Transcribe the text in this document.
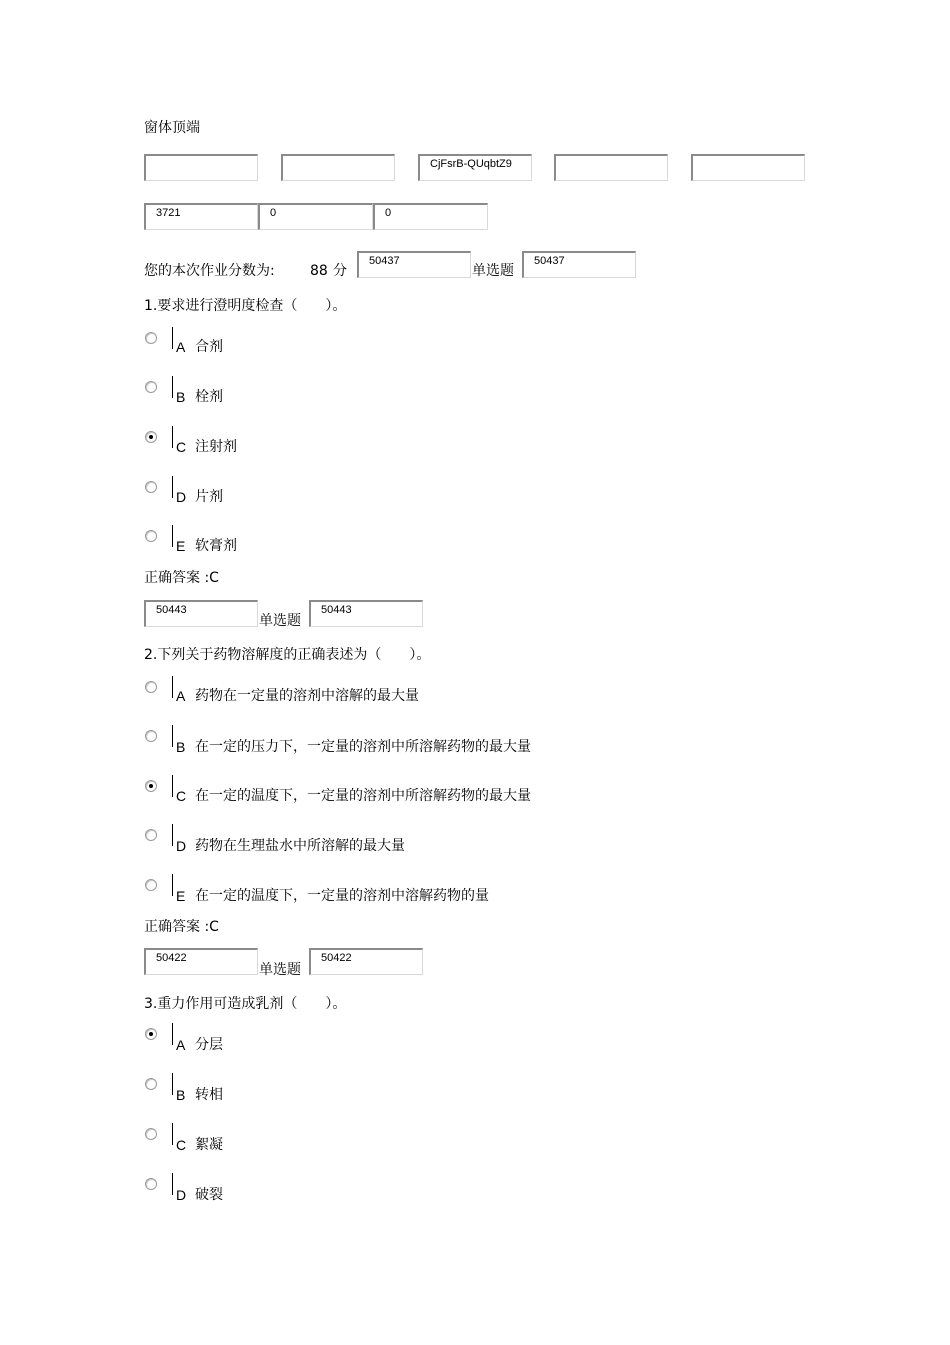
窗体顶端
CjFsrB-QUqbtZ9
3721	0	0
您的本次作业分数为:	88 分
50437
单选题
50437
1.要求进行澄明度检查（　　）。
A 合剂
B 栓剂
C 注射剂
D 片剂
E 软膏剂
正确答案 :C
50443
单选题
50443
2.下列关于药物溶解度的正确表述为（　　）。
A 药物在一定量的溶剂中溶解的最大量
B 在一定的压力下，一定量的溶剂中所溶解药物的最大量
C 在一定的温度下，一定量的溶剂中所溶解药物的最大量
D 药物在生理盐水中所溶解的最大量
E 在一定的温度下，一定量的溶剂中溶解药物的量
正确答案 :C
50422
单选题
50422
3.重力作用可造成乳剂（　　）。
A 分层
B 转相
C 絮凝
D 破裂
